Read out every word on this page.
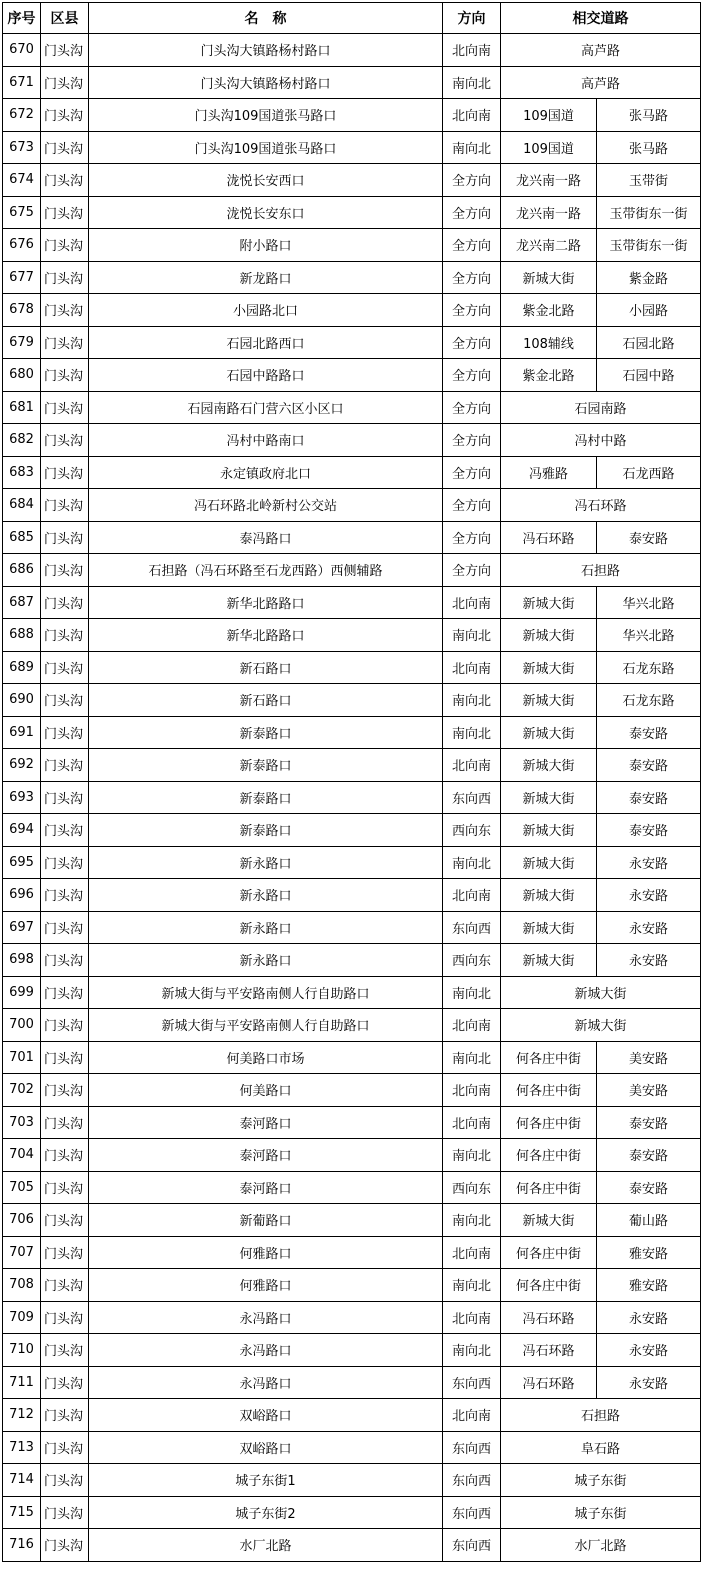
序号	区县	名　称	方向	相交道路	
670	门头沟	门头沟大镇路杨村路口	北向南	高芦路	
671	门头沟	门头沟大镇路杨村路口	南向北	高芦路	
672	门头沟	门头沟109国道张马路口	北向南	109国道	张马路
673	门头沟	门头沟109国道张马路口	南向北	109国道	张马路
674	门头沟	泷悦长安西口	全方向	龙兴南一路	玉带街
675	门头沟	泷悦长安东口	全方向	龙兴南一路	玉带街东一街
676	门头沟	附小路口	全方向	龙兴南二路	玉带街东一街
677	门头沟	新龙路口	全方向	新城大街	紫金路
678	门头沟	小园路北口	全方向	紫金北路	小园路
679	门头沟	石园北路西口	全方向	108辅线	石园北路
680	门头沟	石园中路路口	全方向	紫金北路	石园中路
681	门头沟	石园南路石门营六区小区口	全方向	石园南路	
682	门头沟	冯村中路南口	全方向	冯村中路	
683	门头沟	永定镇政府北口	全方向	冯雅路	石龙西路
684	门头沟	冯石环路北岭新村公交站	全方向	冯石环路	
685	门头沟	泰冯路口	全方向	冯石环路	泰安路
686	门头沟	石担路（冯石环路至石龙西路）西侧辅路	全方向	石担路	
687	门头沟	新华北路路口	北向南	新城大街	华兴北路
688	门头沟	新华北路路口	南向北	新城大街	华兴北路
689	门头沟	新石路口	北向南	新城大街	石龙东路
690	门头沟	新石路口	南向北	新城大街	石龙东路
691	门头沟	新泰路口	南向北	新城大街	泰安路
692	门头沟	新泰路口	北向南	新城大街	泰安路
693	门头沟	新泰路口	东向西	新城大街	泰安路
694	门头沟	新泰路口	西向东	新城大街	泰安路
695	门头沟	新永路口	南向北	新城大街	永安路
696	门头沟	新永路口	北向南	新城大街	永安路
697	门头沟	新永路口	东向西	新城大街	永安路
698	门头沟	新永路口	西向东	新城大街	永安路
699	门头沟	新城大街与平安路南侧人行自助路口	南向北	新城大街	
700	门头沟	新城大街与平安路南侧人行自助路口	北向南	新城大街	
701	门头沟	何美路口市场	南向北	何各庄中街	美安路
702	门头沟	何美路口	北向南	何各庄中街	美安路
703	门头沟	泰河路口	北向南	何各庄中街	泰安路
704	门头沟	泰河路口	南向北	何各庄中街	泰安路
705	门头沟	泰河路口	西向东	何各庄中街	泰安路
706	门头沟	新葡路口	南向北	新城大街	葡山路
707	门头沟	何雅路口	北向南	何各庄中街	雅安路
708	门头沟	何雅路口	南向北	何各庄中街	雅安路
709	门头沟	永冯路口	北向南	冯石环路	永安路
710	门头沟	永冯路口	南向北	冯石环路	永安路
711	门头沟	永冯路口	东向西	冯石环路	永安路
712	门头沟	双峪路口	北向南	石担路	
713	门头沟	双峪路口	东向西	阜石路	
714	门头沟	城子东街1	东向西	城子东街	
715	门头沟	城子东街2	东向西	城子东街	
716	门头沟	水厂北路	东向西	水厂北路	
